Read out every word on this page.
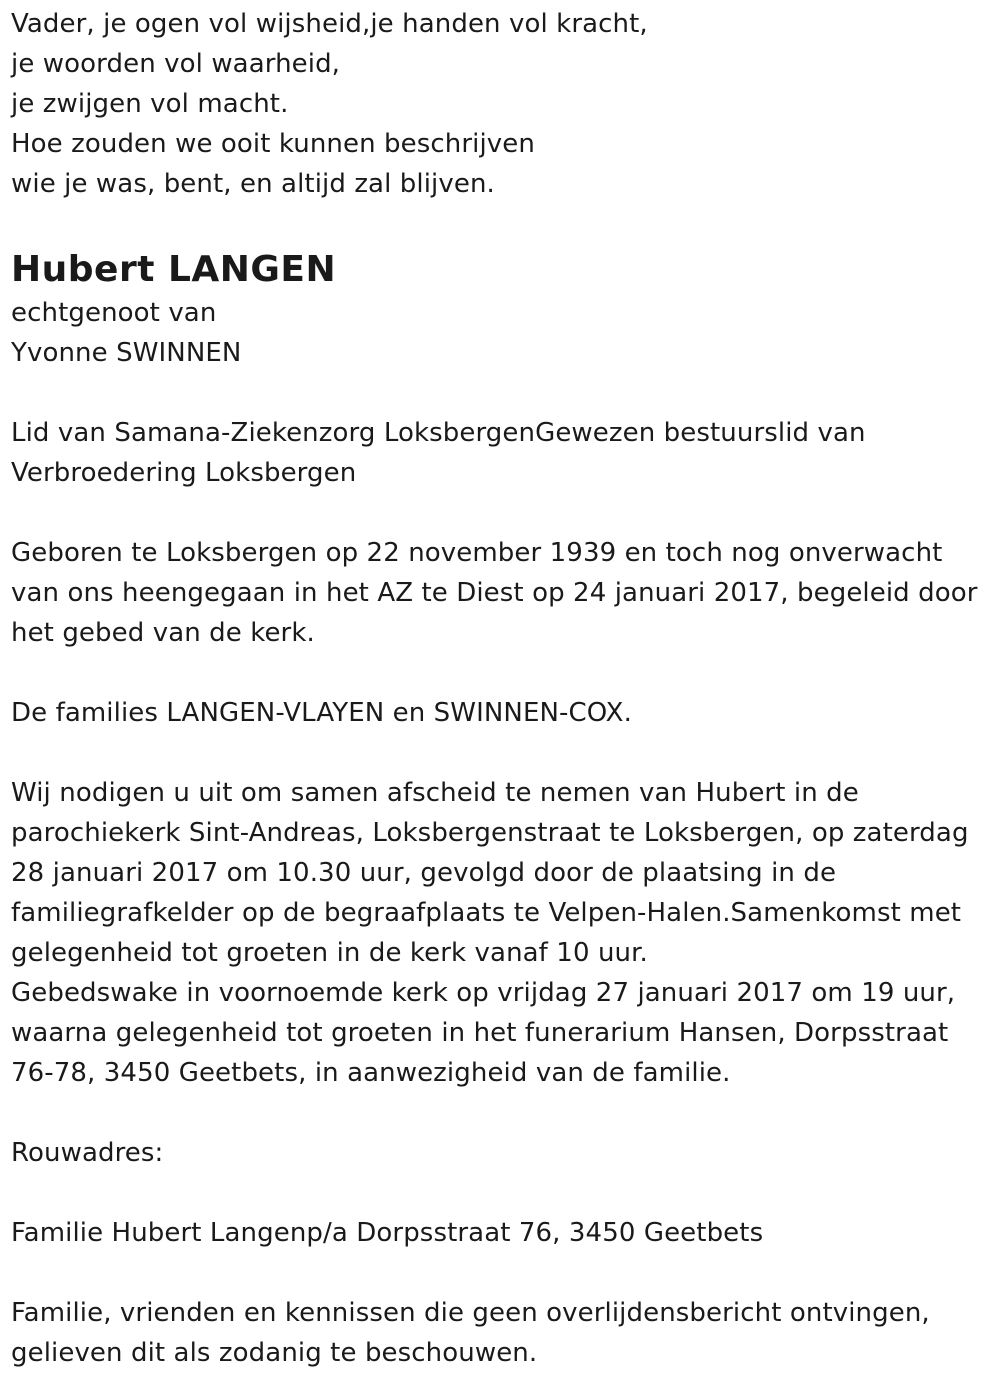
Vader, je ogen vol wijsheid,je handen vol kracht,
je woorden vol waarheid,
je zwijgen vol macht.
Hoe zouden we ooit kunnen beschrijven
wie je was, bent, en altijd zal blijven.
Hubert LANGEN
echtgenoot van
Yvonne SWINNEN
Lid van Samana-Ziekenzorg LoksbergenGewezen bestuurslid van
Verbroedering Loksbergen
Geboren te Loksbergen op 22 november 1939 en toch nog onverwacht
van ons heengegaan in het AZ te Diest op 24 januari 2017, begeleid door
het gebed van de kerk.
De families LANGEN-VLAYEN en SWINNEN-COX.
Wij nodigen u uit om samen afscheid te nemen van Hubert in de
parochiekerk Sint-Andreas, Loksbergenstraat te Loksbergen, op zaterdag
28 januari 2017 om 10.30 uur, gevolgd door de plaatsing in de
familiegrafkelder op de begraafplaats te Velpen-Halen.Samenkomst met
gelegenheid tot groeten in de kerk vanaf 10 uur.
Gebedswake in voornoemde kerk op vrijdag 27 januari 2017 om 19 uur,
waarna gelegenheid tot groeten in het funerarium Hansen, Dorpsstraat
76-78, 3450 Geetbets, in aanwezigheid van de familie.
Rouwadres:
Familie Hubert Langenp/a Dorpsstraat 76, 3450 Geetbets
Familie, vrienden en kennissen die geen overlijdensbericht ontvingen,
gelieven dit als zodanig te beschouwen.
